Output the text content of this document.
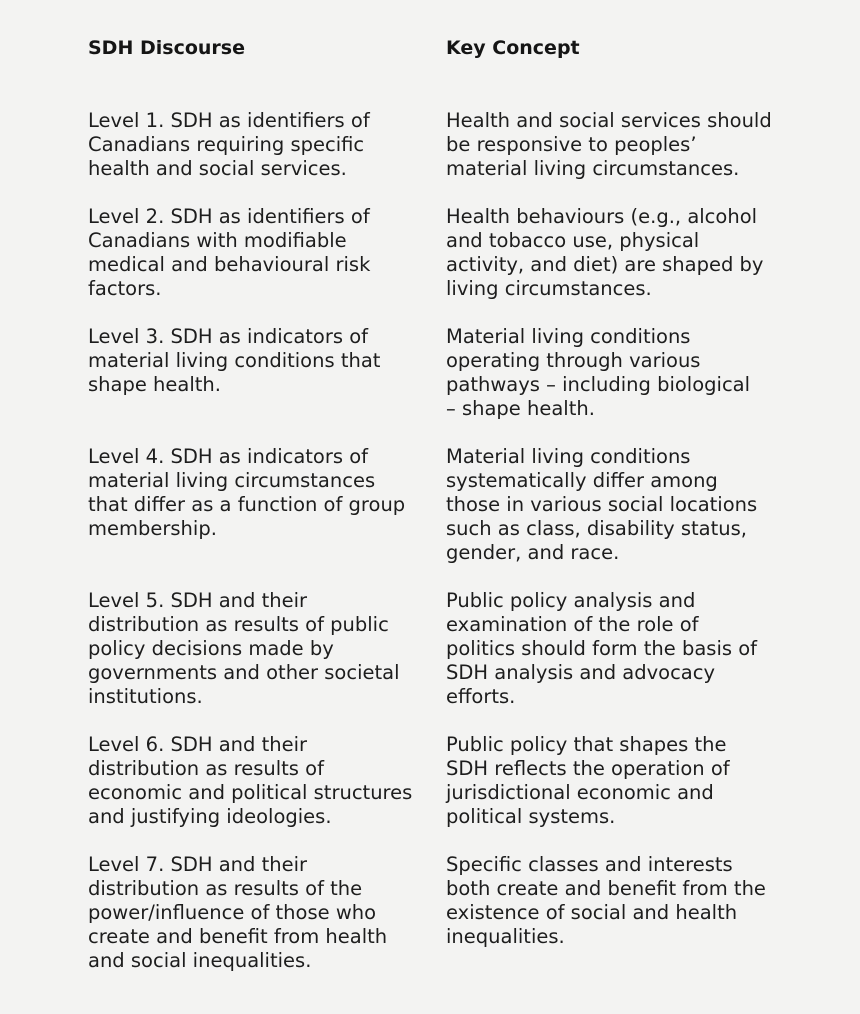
SDH Discourse	Key Concept
Level 1. SDH as identifiers of
Canadians requiring specific
health and social services.
Health and social services should
be responsive to peoples’
material living circumstances.
Level 2. SDH as identifiers of
Canadians with modifiable
medical and behavioural risk
factors.
Health behaviours (e.g., alcohol
and tobacco use, physical
activity, and diet) are shaped by
living circumstances.
Level 3. SDH as indicators of
material living conditions that
shape health.
Material living conditions
operating through various
pathways – including biological
– shape health.
Level 4. SDH as indicators of
material living circumstances
that differ as a function of group
membership.
Material living conditions
systematically differ among
those in various social locations
such as class, disability status,
gender, and race.
Level 5. SDH and their
distribution as results of public
policy decisions made by
governments and other societal
institutions.
Public policy analysis and
examination of the role of
politics should form the basis of
SDH analysis and advocacy
efforts.
Level 6. SDH and their
distribution as results of
economic and political structures
and justifying ideologies.
Public policy that shapes the
SDH reflects the operation of
jurisdictional economic and
political systems.
Level 7. SDH and their
distribution as results of the
power/influence of those who
create and benefit from health
and social inequalities.
Specific classes and interests
both create and benefit from the
existence of social and health
inequalities.
